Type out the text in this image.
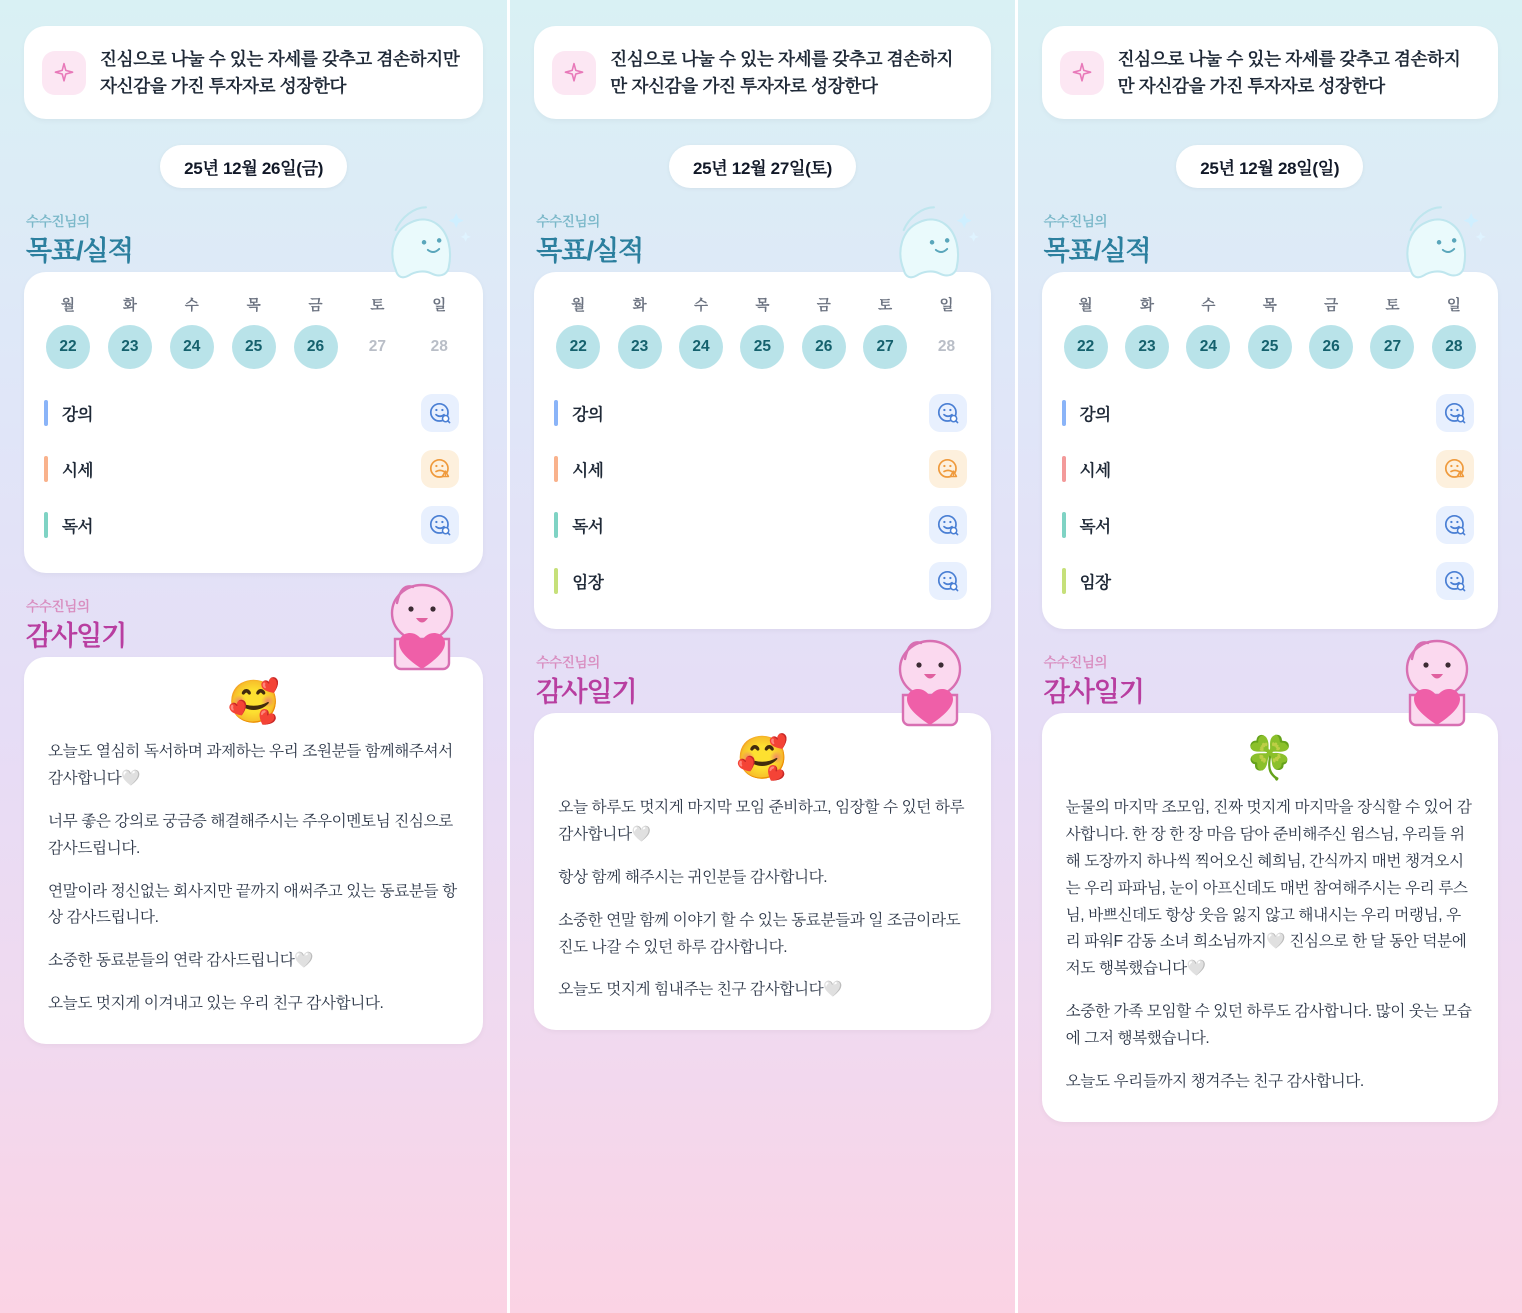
진심으로 나눌 수 있는 자세를 갖추고 겸손하지만 자신감을 가진 투자자로 성장한다
25년 12월 26일(금)
수수진님의
목표/실적
월	화	수	목	금	토	일
22	23	24	25	26	27	28
강의
시세
독서
수수진님의
감사일기
🥰

오늘도 열심히 독서하며 과제하는 우리 조원분들 함께해주셔서 감사합니다🤍

너무 좋은 강의로 궁금증 해결해주시는 주우이멘토님 진심으로 감사드립니다.

연말이라 정신없는 회사지만 끝까지 애써주고 있는 동료분들 항상 감사드립니다.

소중한 동료분들의 연락 감사드립니다🤍

오늘도 멋지게 이겨내고 있는 우리 친구 감사합니다.

진심으로 나눌 수 있는 자세를 갖추고 겸손하지만 자신감을 가진 투자자로 성장한다
25년 12월 27일(토)
수수진님의
목표/실적
월	화	수	목	금	토	일
22	23	24	25	26	27	28
강의
시세
독서
임장
수수진님의
감사일기
🥰

오늘 하루도 멋지게 마지막 모임 준비하고, 임장할 수 있던 하루 감사합니다🤍

항상 함께 해주시는 귀인분들 감사합니다.

소중한 연말 함께 이야기 할 수 있는 동료분들과 일 조금이라도 진도 나갈 수 있던 하루 감사합니다.

오늘도 멋지게 힘내주는 친구 감사합니다🤍

진심으로 나눌 수 있는 자세를 갖추고 겸손하지만 자신감을 가진 투자자로 성장한다
25년 12월 28일(일)
수수진님의
목표/실적
월	화	수	목	금	토	일
22	23	24	25	26	27	28
강의
시세
독서
임장
수수진님의
감사일기
🍀

눈물의 마지막 조모임, 진짜 멋지게 마지막을 장식할 수 있어 감사합니다. 한 장 한 장 마음 담아 준비해주신 윔스님, 우리들 위해 도장까지 하나씩 찍어오신 혜희님, 간식까지 매번 챙겨오시는 우리 파파님, 눈이 아프신데도 매번 참여해주시는 우리 루스님, 바쁘신데도 항상 웃음 잃지 않고 해내시는 우리 머랭님, 우리 파워F 감동 소녀 희소님까지🤍 진심으로 한 달 동안 덕분에 저도 행복했습니다🤍

소중한 가족 모임할 수 있던 하루도 감사합니다. 많이 웃는 모습에 그저 행복했습니다.

오늘도 우리들까지 챙겨주는 친구 감사합니다.
